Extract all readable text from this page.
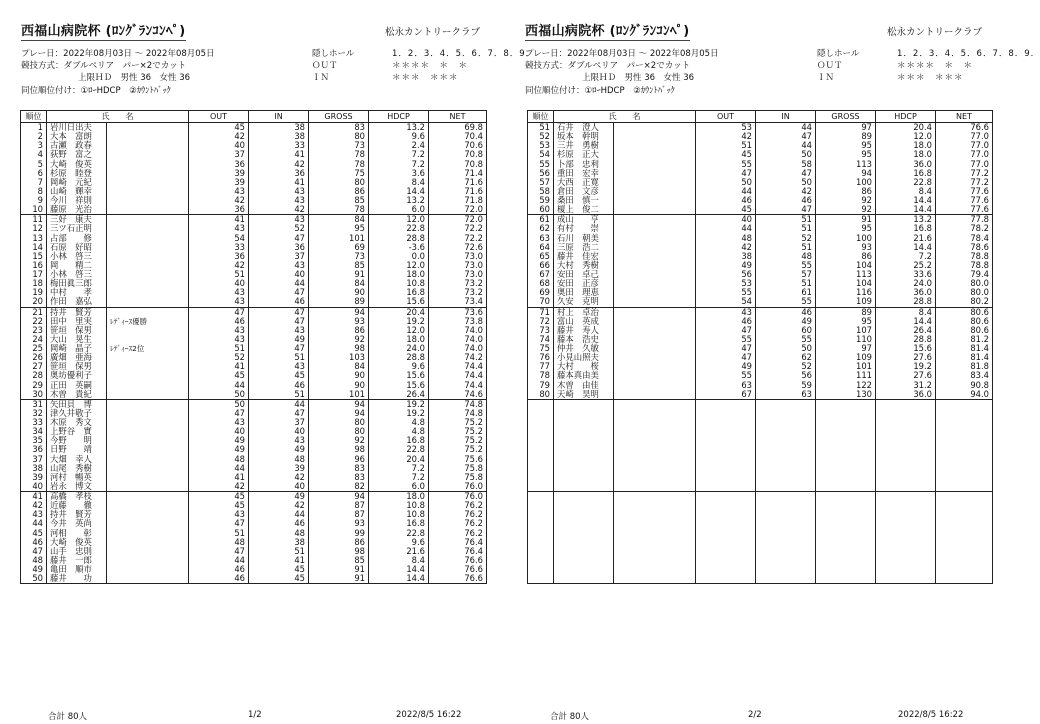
西福山病院杯 (ﾛﾝｸﾞﾗﾝｺﾝﾍﾟ)	松永カントリークラブ
プレー日：2022年08月03日 ～ 2022年08月05日
競技方式：ダブルペリア　パー×2でカット
上限ＨＤ　男性 36　女性 36
同位順位付け：①ﾛｰHDCP　②ｶｳﾝﾄﾊﾞｯｸ
隠しホール	1．2．3．4．5．6．7．8．9．
ＯＵＴ	＊＊＊＊　＊　＊
ＩＮ	＊＊＊　＊＊＊
順位	氏　　名		OUT	IN	GROSS	HDCP	NET
1	岩川日出夫		45	38	83	13.2	69.8
2	大本　富朗		42	38	80	9.6	70.4
3	古瀬　政春		40	33	73	2.4	70.6
4	荻野　富之		37	41	78	7.2	70.8
5	大崎　俊英		36	42	78	7.2	70.8
6	杉原　睦登		39	36	75	3.6	71.4
7	岡崎　元紀		39	41	80	8.4	71.6
8	山崎　輝幸		43	43	86	14.4	71.6
9	今川　祥則		42	43	85	13.2	71.8
10	藤原　光治		36	42	78	6.0	72.0
11	三好　康夫		41	43	84	12.0	72.0
12	三ツ石正明		43	52	95	22.8	72.2
13	占部　　修		54	47	101	28.8	72.2
14	石原　好昭		33	36	69	-3.6	72.6
15	小林　啓三		36	37	73	0.0	73.0
16	岡　　精二		42	43	85	12.0	73.0
17	小林　啓三		51	40	91	18.0	73.0
18	梅田眞三郎		40	44	84	10.8	73.2
19	中村　　孝		43	47	90	16.8	73.2
20	作田　嘉弘		43	46	89	15.6	73.4
21	持井　賢芳		47	47	94	20.4	73.6
22	田中　里実	ﾚﾃﾞｨｰｽ優勝	46	47	93	19.2	73.8
23	笹垣　保男		43	43	86	12.0	74.0
24	大山　晃生		43	49	92	18.0	74.0
25	岡崎　晶子	ﾚﾃﾞｨｰｽ2位	51	47	98	24.0	74.0
26	廣畑　亜海		52	51	103	28.8	74.2
27	笹垣　保男		41	43	84	9.6	74.4
28	奥坊優利子		45	45	90	15.6	74.4
29	正田　英嗣		44	46	90	15.6	74.4
30	木曽　貴紀		50	51	101	26.4	74.6
31	矢田貝　博		50	44	94	19.2	74.8
32	津久井敬子		47	47	94	19.2	74.8
33	木原　秀文		43	37	80	4.8	75.2
34	上野谷　實		40	40	80	4.8	75.2
35	今野　　明		49	43	92	16.8	75.2
36	日野　　靖		49	49	98	22.8	75.2
37	大畑　幸人		48	48	96	20.4	75.6
38	山尾　秀樹		44	39	83	7.2	75.8
39	河村　暢英		41	42	83	7.2	75.8
40	岩永　博文		42	40	82	6.0	76.0
41	高橋　孝枝		45	49	94	18.0	76.0
42	近藤　　徹		45	42	87	10.8	76.2
43	持井　賢芳		43	44	87	10.8	76.2
44	今井　英尚		47	46	93	16.8	76.2
45	河相　　彰		51	48	99	22.8	76.2
46	大崎　俊英		48	38	86	9.6	76.4
47	山手　忠則		47	51	98	21.6	76.4
48	藤井　一郎		44	41	85	8.4	76.6
49	亀田　順市		46	45	91	14.4	76.6
50	藤井　　功		46	45	91	14.4	76.6
合計 80人	1/2	2022/8/5 16:22
西福山病院杯 (ﾛﾝｸﾞﾗﾝｺﾝﾍﾟ)	松永カントリークラブ
プレー日：2022年08月03日 ～ 2022年08月05日
競技方式：ダブルペリア　パー×2でカット
上限ＨＤ　男性 36　女性 36
同位順位付け：①ﾛｰHDCP　②ｶｳﾝﾄﾊﾞｯｸ
隠しホール	1．2．3．4．5．6．7．8．9．
ＯＵＴ	＊＊＊＊　＊　＊
ＩＮ	＊＊＊　＊＊＊
順位	氏　　名		OUT	IN	GROSS	HDCP	NET
51	石井　澄人		53	44	97	20.4	76.6
52	坂本　幹明		42	47	89	12.0	77.0
53	三井　勇樹		51	44	95	18.0	77.0
54	杉原　正大		45	50	95	18.0	77.0
55	卜部　忠利		55	58	113	36.0	77.0
56	重田　宏幸		47	47	94	16.8	77.2
57	大西　正寛		50	50	100	22.8	77.2
58	倉田　文彦		44	42	86	8.4	77.6
59	桑田　慎一		46	46	92	14.4	77.6
60	榎上　俊二		45	47	92	14.4	77.6
61	成山　　亨		40	51	91	13.2	77.8
62	有村　　崇		44	51	95	16.8	78.2
63	石川　朝美		48	52	100	21.6	78.4
64	三原　浩二		42	51	93	14.4	78.6
65	藤井　佳宏		38	48	86	7.2	78.8
66	大村　秀樹		49	55	104	25.2	78.8
67	安田　卓己		56	57	113	33.6	79.4
68	安田　正彦		53	51	104	24.0	80.0
69	奥田　理恵		55	61	116	36.0	80.0
70	久安　克明		54	55	109	28.8	80.2
71	村上　卓治		43	46	89	8.4	80.6
72	富山　英成		46	49	95	14.4	80.6
73	藤井　寿人		47	60	107	26.4	80.6
74	藤本　浩史		55	55	110	28.8	81.2
75	仲井　久敏		47	50	97	15.6	81.4
76	小見山照夫		47	62	109	27.6	81.4
77	大村　　桜		49	52	101	19.2	81.8
78	藤本真由美		55	56	111	27.6	83.4
79	木曽　由佳		63	59	122	31.2	90.8
80	天崎　昊明		67	63	130	36.0	94.0

合計 80人	2/2	2022/8/5 16:22
